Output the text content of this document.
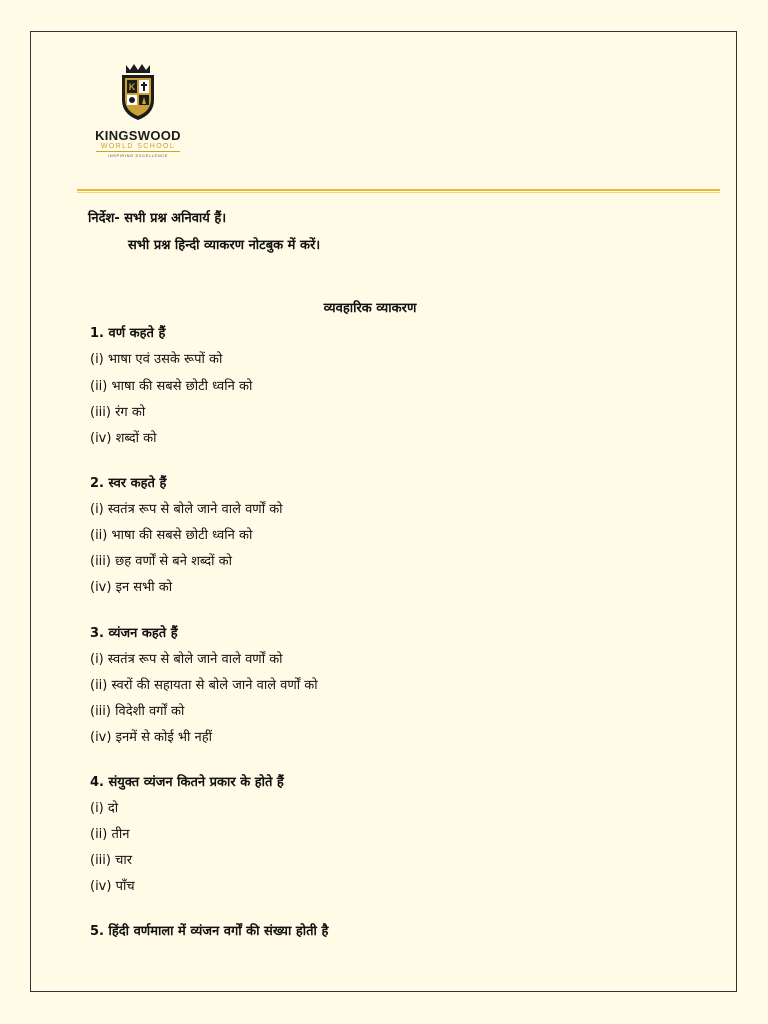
K
KINGSWOOD
WORLD SCHOOL
INSPIRING EXCELLENCE
निर्देश- सभी प्रश्न अनिवार्य हैं।
सभी प्रश्न हिन्दी व्याकरण नोटबुक में करें।
व्यवहारिक व्याकरण
1. वर्ण कहते हैं
(i) भाषा एवं उसके रूपों को
(ii) भाषा की सबसे छोटी ध्वनि को
(iii) रंग को
(iv) शब्दों को
2. स्वर कहते हैं
(i) स्वतंत्र रूप से बोले जाने वाले वर्णों को
(ii) भाषा की सबसे छोटी ध्वनि को
(iii) छह वर्णों से बने शब्दों को
(iv) इन सभी को
3. व्यंजन कहते हैं
(i) स्वतंत्र रूप से बोले जाने वाले वर्णों को
(ii) स्वरों की सहायता से बोले जाने वाले वर्णों को
(iii) विदेशी वर्गों को
(iv) इनमें से कोई भी नहीं
4. संयुक्त व्यंजन कितने प्रकार के होते हैं
(i) दो
(ii) तीन
(iii) चार
(iv) पाँच
5. हिंदी वर्णमाला में व्यंजन वर्गों की संख्या होती है
